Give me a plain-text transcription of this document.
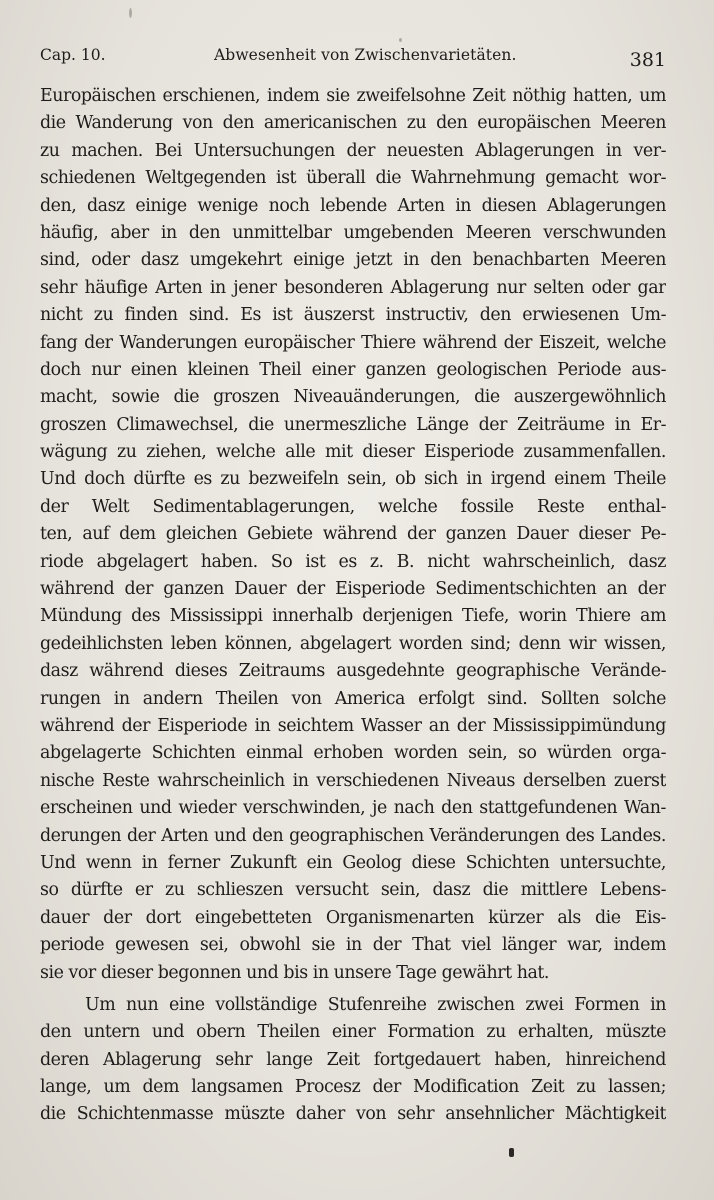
Cap. 10.	Abwesenheit von Zwischenvarietäten.	381
Europäischen erschienen, indem sie zweifelsohne Zeit nöthig hatten, um
die Wanderung von den americanischen zu den europäischen Meeren
zu machen. Bei Untersuchungen der neuesten Ablagerungen in ver-
schiedenen Weltgegenden ist überall die Wahrnehmung gemacht wor-
den, dasz einige wenige noch lebende Arten in diesen Ablagerungen
häufig, aber in den unmittelbar umgebenden Meeren verschwunden
sind, oder dasz umgekehrt einige jetzt in den benachbarten Meeren
sehr häufige Arten in jener besonderen Ablagerung nur selten oder gar
nicht zu finden sind. Es ist äuszerst instructiv, den erwiesenen Um-
fang der Wanderungen europäischer Thiere während der Eiszeit, welche
doch nur einen kleinen Theil einer ganzen geologischen Periode aus-
macht, sowie die groszen Niveauänderungen, die auszergewöhnlich
groszen Climawechsel, die unermeszliche Länge der Zeiträume in Er-
wägung zu ziehen, welche alle mit dieser Eisperiode zusammenfallen.
Und doch dürfte es zu bezweifeln sein, ob sich in irgend einem Theile
der Welt Sedimentablagerungen, welche fossile Reste enthal-
ten, auf dem gleichen Gebiete während der ganzen Dauer dieser Pe-
riode abgelagert haben. So ist es z. B. nicht wahrscheinlich, dasz
während der ganzen Dauer der Eisperiode Sedimentschichten an der
Mündung des Mississippi innerhalb derjenigen Tiefe, worin Thiere am
gedeihlichsten leben können, abgelagert worden sind; denn wir wissen,
dasz während dieses Zeitraums ausgedehnte geographische Verände-
rungen in andern Theilen von America erfolgt sind. Sollten solche
während der Eisperiode in seichtem Wasser an der Mississippimündung
abgelagerte Schichten einmal erhoben worden sein, so würden orga-
nische Reste wahrscheinlich in verschiedenen Niveaus derselben zuerst
erscheinen und wieder verschwinden, je nach den stattgefundenen Wan-
derungen der Arten und den geographischen Veränderungen des Landes.
Und wenn in ferner Zukunft ein Geolog diese Schichten untersuchte,
so dürfte er zu schlieszen versucht sein, dasz die mittlere Lebens-
dauer der dort eingebetteten Organismenarten kürzer als die Eis-
periode gewesen sei, obwohl sie in der That viel länger war, indem
sie vor dieser begonnen und bis in unsere Tage gewährt hat.
Um nun eine vollständige Stufenreihe zwischen zwei Formen in
den untern und obern Theilen einer Formation zu erhalten, müszte
deren Ablagerung sehr lange Zeit fortgedauert haben, hinreichend
lange, um dem langsamen Procesz der Modification Zeit zu lassen;
die Schichtenmasse müszte daher von sehr ansehnlicher Mächtigkeit
